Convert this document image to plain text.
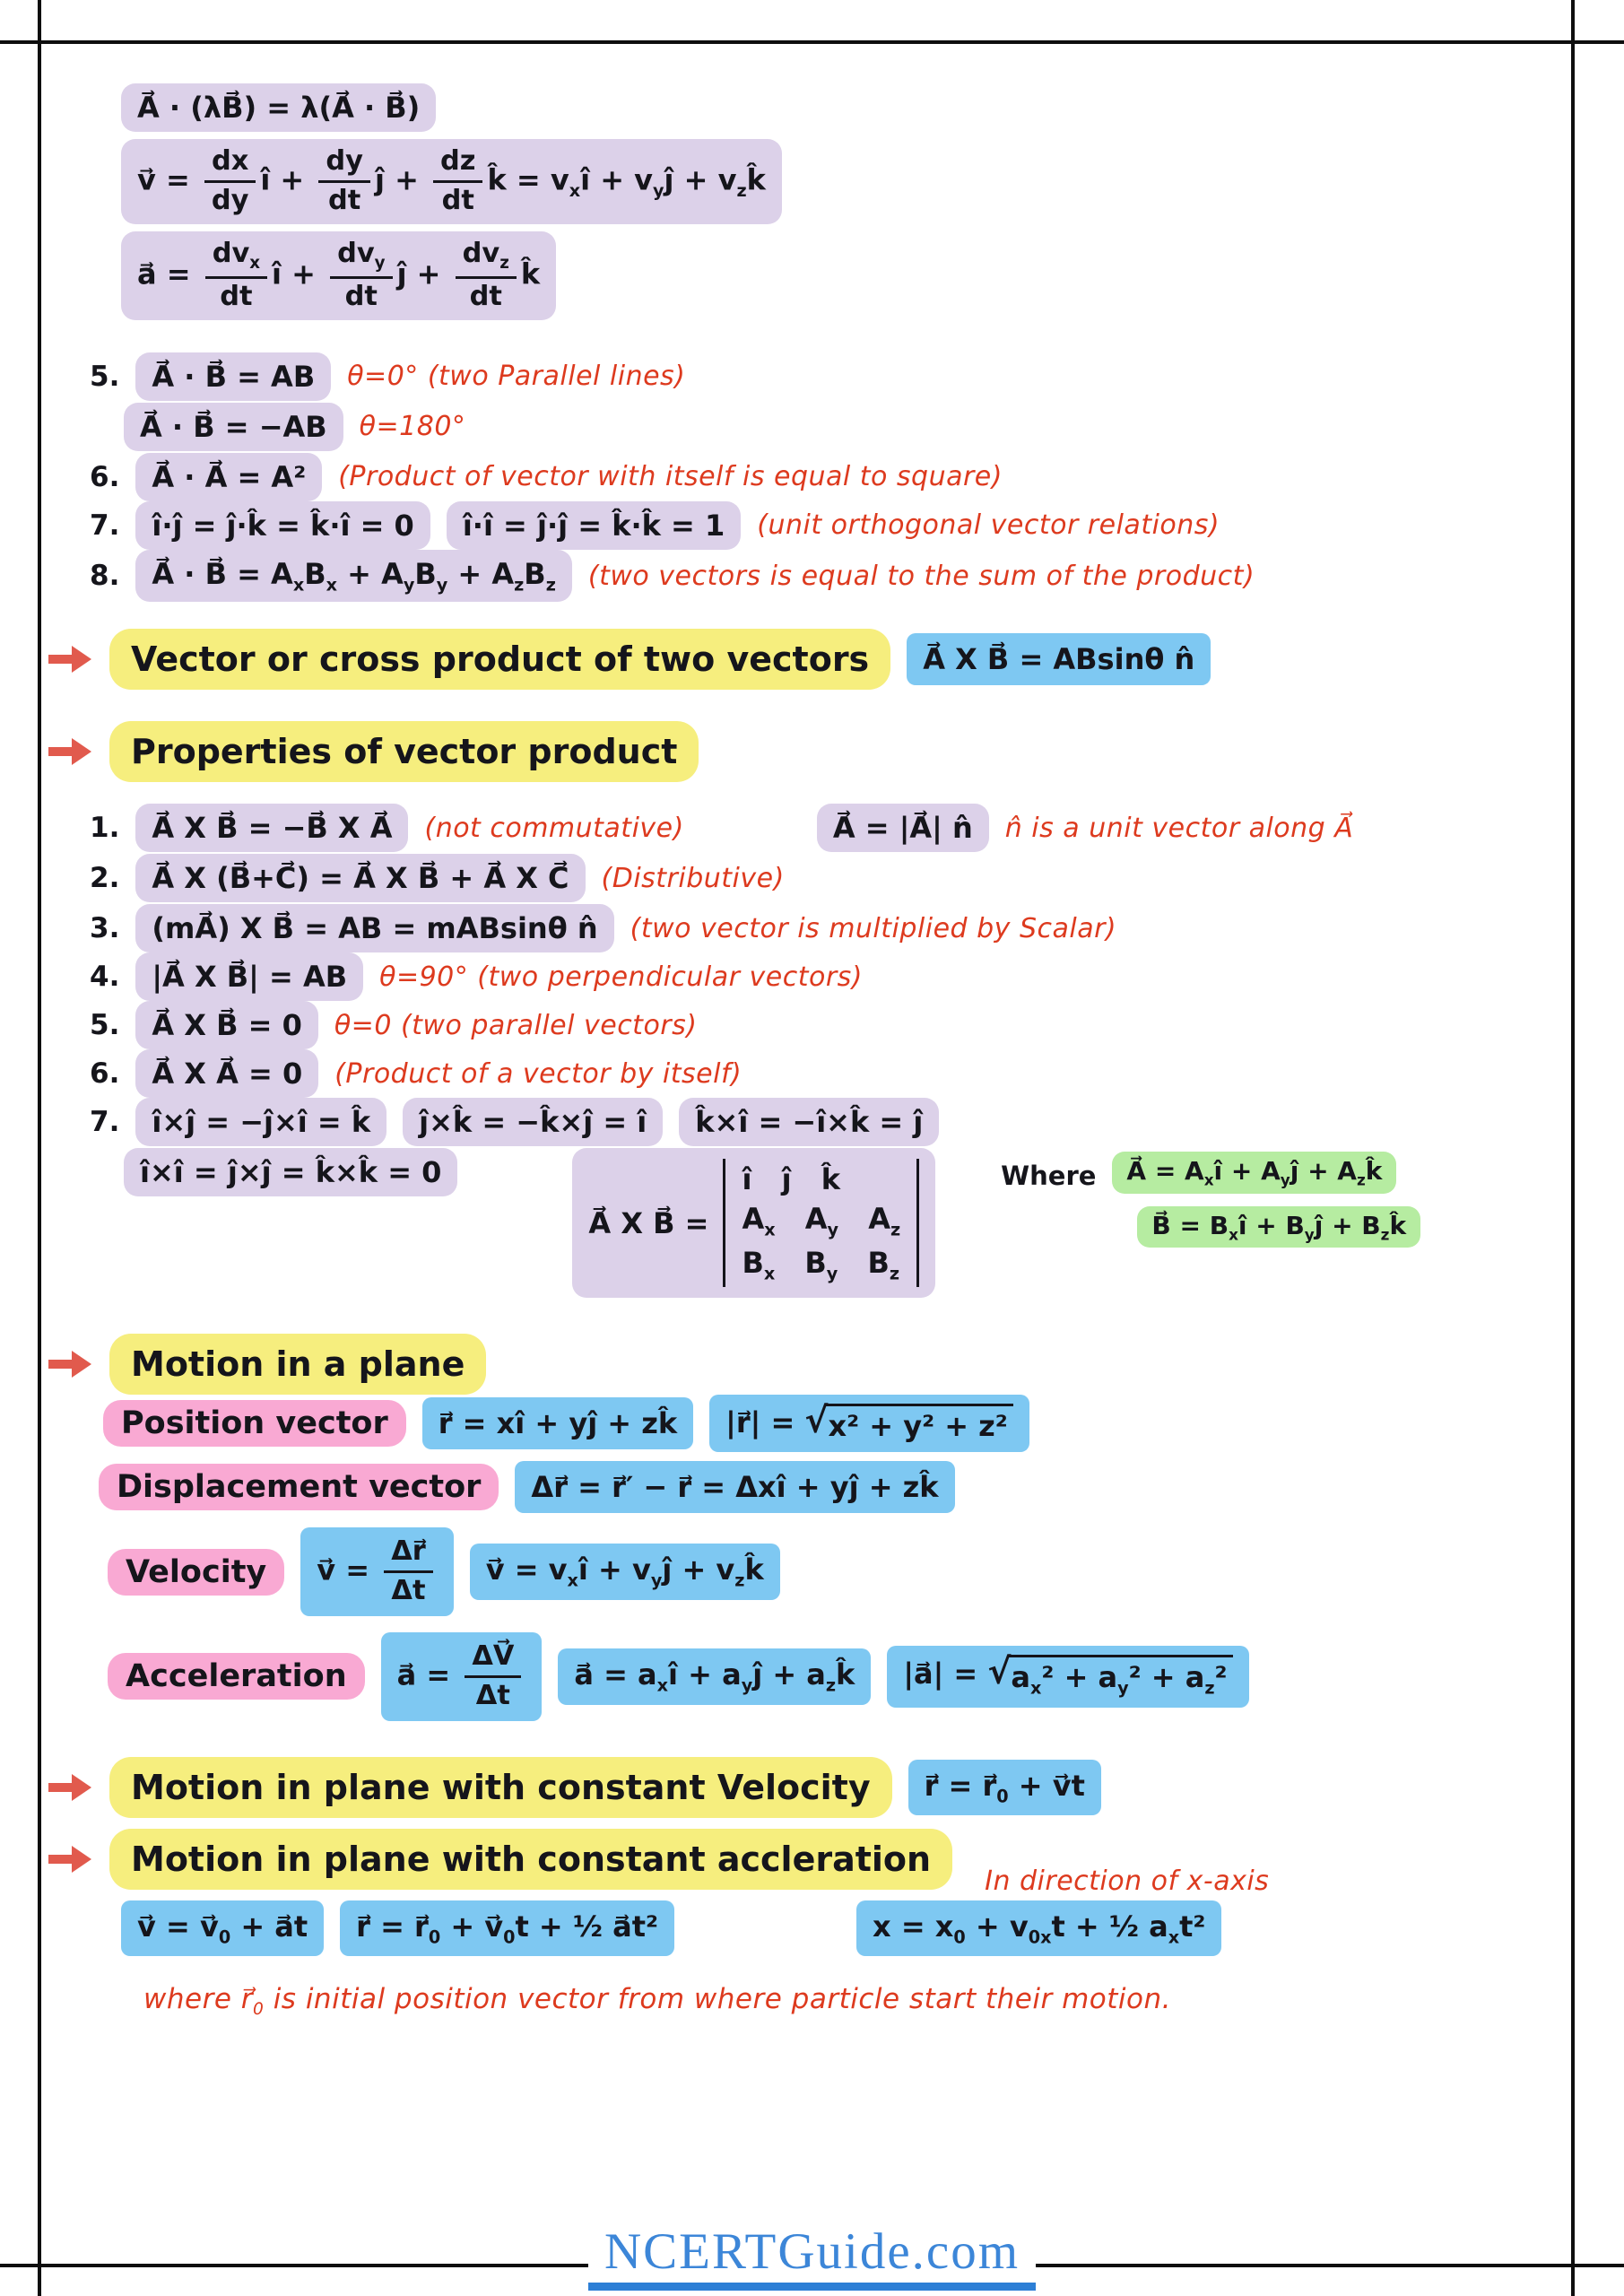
A⃗ · (λB⃗) = λ(A⃗ · B⃗)
v⃗ = $\frac{dx}{dy}$ î + $\frac{dy}{dt}$ ĵ + $\frac{dz}{dt}$ k̂ = $v_xî$ + $v_yĵ$ + $v_zk̂$
a⃗ = $\frac{dv_x}{dt}$ î + $\frac{dv_y}{dt}$ ĵ + $\frac{dv_z}{dt}$ k̂
5.	A⃗ · B⃗ = AB	θ=0° (two Parallel lines)
A⃗ · B⃗ = −AB	θ=180°
6.	A⃗ · A⃗ = A²	(Product of vector with itself is equal to square)
7.	î·ĵ = ĵ·k̂ = k̂·î = 0	î·î = ĵ·ĵ = k̂·k̂ = 1	(unit orthogonal vector relations)
8.	A⃗ · B⃗ = $A_xB_x + A_yB_y + A_zB_z$	(two vectors is equal to the sum of the product)
Vector or cross product of two vectors	A⃗ X B⃗ = ABsinθ n̂
Properties of vector product
1.	A⃗ X B⃗ = −B⃗ X A⃗	(not commutative)	A⃗ = |A⃗| n̂	n̂ is a unit vector along A⃗
2.	A⃗ X (B⃗+C⃗) = A⃗ X B⃗ + A⃗ X C⃗	(Distributive)
3.	(mA⃗) X B⃗ = AB = mABsinθ n̂	(two vector is multiplied by Scalar)
4.	|A⃗ X B⃗| = AB	θ=90° (two perpendicular vectors)
5.	A⃗ X B⃗ = 0	θ=0 (two parallel vectors)
6.	A⃗ X A⃗ = 0	(Product of a vector by itself)
7.	î×ĵ = −ĵ×î = k̂	ĵ×k̂ = −k̂×ĵ = î	k̂×î = −î×k̂ = ĵ
î×î = ĵ×ĵ = k̂×k̂ = 0
A⃗ X B⃗ =
î ĵ k̂
$A_x$ $A_y$ $A_z$
$B_x$ $B_y$ $B_z$
Where	A⃗ = $A_xî$ + $A_yĵ$ + $A_zk̂$
B⃗ = $B_xî$ + $B_yĵ$ + $B_zk̂$
Motion in a plane
Position vector	r⃗ = xî + yĵ + zk̂	|r⃗| = √ x² + y² + z²
Displacement vector	Δr⃗ = r⃗′ − r⃗ = Δxî + yĵ + zk̂
Velocity	v⃗ = $\frac{\Delta r⃗}{\Delta t}$	v⃗ = $v_xî$ + $v_yĵ$ + $v_zk̂$
Acceleration	a⃗ = $\frac{\Delta V⃗}{\Delta t}$	a⃗ = $a_xî$ + $a_yĵ$ + $a_zk̂$	|a⃗| = √ $a_x^2 + a_y^2 + a_z^2$
Motion in plane with constant Velocity	r⃗ = $r⃗_0$ + v⃗t
Motion in plane with constant accleration
In direction of x-axis
v⃗ = $v⃗_0$ + a⃗t	r⃗ = $r⃗_0$ + $v⃗_0t$ + ½ a⃗t²	$x = x_0 + v_{0x}t$ + ½ $a_xt^2$
where $r⃗_0$ is initial position vector from where particle start their motion.
NCERTGuide.com
